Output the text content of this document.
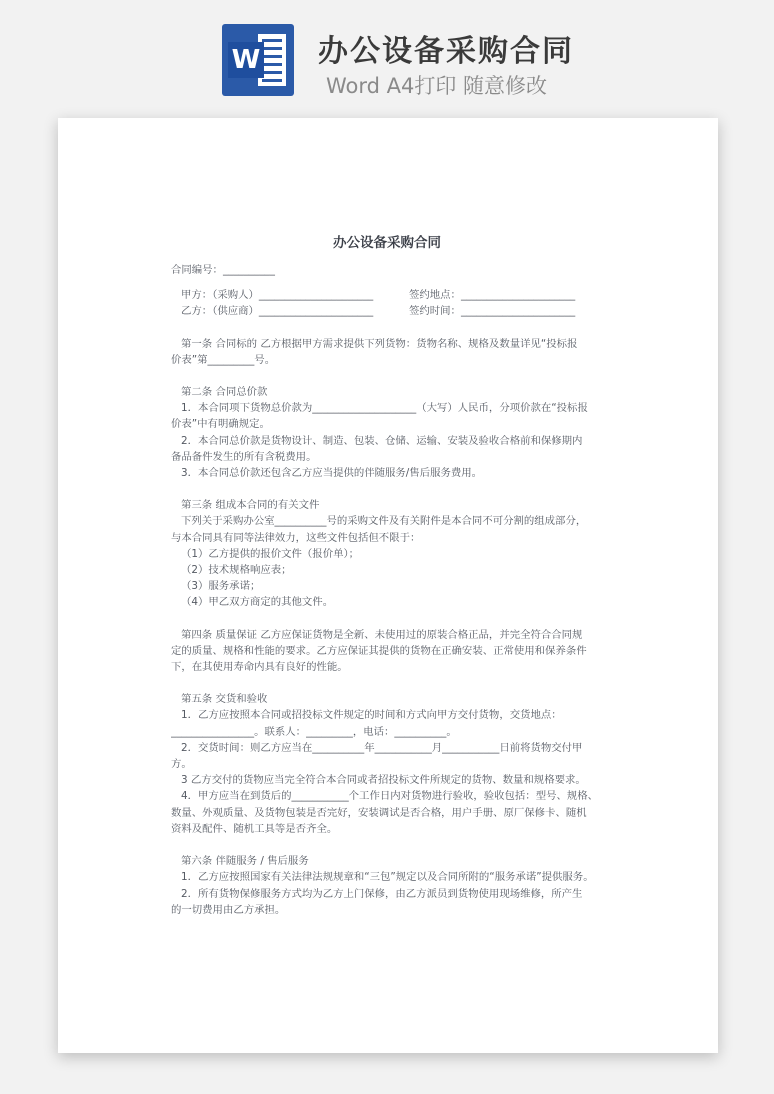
W 办公设备采购合同
Word A4打印 随意修改
办公设备采购合同
合同编号：__________
甲方：（采购人）______________________	签约地点：______________________
乙方：（供应商）______________________	签约时间：______________________
第一条 合同标的 乙方根据甲方需求提供下列货物：货物名称、规格及数量详见“投标报
价表”第_________号。
第二条 合同总价款
1．本合同项下货物总价款为____________________（大写）人民币，分项价款在“投标报
价表”中有明确规定。
2．本合同总价款是货物设计、制造、包装、仓储、运输、安装及验收合格前和保修期内
备品备件发生的所有含税费用。
3．本合同总价款还包含乙方应当提供的伴随服务/售后服务费用。
第三条 组成本合同的有关文件
下列关于采购办公室__________号的采购文件及有关附件是本合同不可分割的组成部分，
与本合同具有同等法律效力，这些文件包括但不限于：
（1）乙方提供的报价文件（报价单）；
（2）技术规格响应表；
（3）服务承诺；
（4）甲乙双方商定的其他文件。
第四条 质量保证 乙方应保证货物是全新、未使用过的原装合格正品，并完全符合合同规
定的质量、规格和性能的要求。乙方应保证其提供的货物在正确安装、正常使用和保养条件
下，在其使用寿命内具有良好的性能。
第五条 交货和验收
1．乙方应按照本合同或招投标文件规定的时间和方式向甲方交付货物，交货地点：
________________。联系人：_________，电话：__________。
2．交货时间：则乙方应当在__________年___________月___________日前将货物交付甲
方。
3 乙方交付的货物应当完全符合本合同或者招投标文件所规定的货物、数量和规格要求。
4．甲方应当在到货后的___________个工作日内对货物进行验收，验收包括：型号、规格、
数量、外观质量、及货物包装是否完好，安装调试是否合格，用户手册、原厂保修卡、随机
资料及配件、随机工具等是否齐全。
第六条 伴随服务 / 售后服务
1．乙方应按照国家有关法律法规规章和“三包”规定以及合同所附的“服务承诺”提供服务。
2．所有货物保修服务方式均为乙方上门保修，由乙方派员到货物使用现场维修，所产生
的一切费用由乙方承担。
